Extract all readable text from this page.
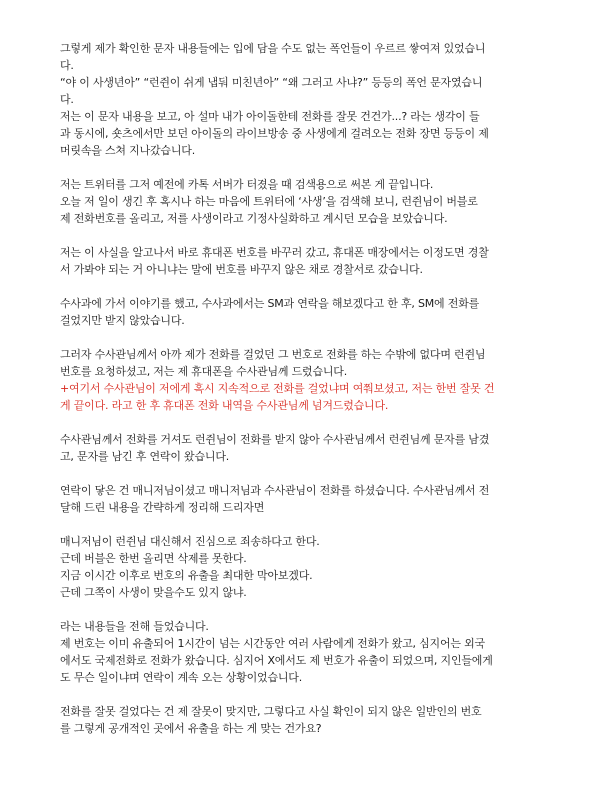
그렇게 제가 확인한 문자 내용들에는 입에 담을 수도 없는 폭언들이 우르르 쌓여져 있었습니
다.
“야 이 사생년아” “런쥔이 쉬게 냅둬 미친년아” “왜 그러고 사냐?” 등등의 폭언 문자였습니
다.
저는 이 문자 내용을 보고, 아 설마 내가 아이돌한테 전화를 잘못 건건가...? 라는 생각이 들
과 동시에, 숏츠에서만 보던 아이돌의 라이브방송 중 사생에게 걸려오는 전화 장면 등등이 제
머릿속을 스쳐 지나갔습니다.
저는 트위터를 그저 예전에 카톡 서버가 터졌을 때 검색용으로 써본 게 끝입니다.
오늘 저 일이 생긴 후 혹시나 하는 마음에 트위터에 ‘사생’을 검색해 보니, 런쥔님이 버블로
제 전화번호를 올리고, 저를 사생이라고 기정사실화하고 계시던 모습을 보았습니다.
저는 이 사실을 알고나서 바로 휴대폰 번호를 바꾸러 갔고, 휴대폰 매장에서는 이정도면 경찰
서 가봐야 되는 거 아니냐는 말에 번호를 바꾸지 않은 채로 경찰서로 갔습니다.
수사과에 가서 이야기를 했고, 수사과에서는 SM과 연락을 해보겠다고 한 후, SM에 전화를
걸었지만 받지 않았습니다.
그러자 수사관님께서 아까 제가 전화를 걸었던 그 번호로 전화를 하는 수밖에 없다며 런쥔님
번호를 요청하셨고, 저는 제 휴대폰을 수사관님께 드렸습니다.
+여기서 수사관님이 저에게 혹시 지속적으로 전화를 걸었냐며 여쭤보셨고, 저는 한번 잘못 건
게 끝이다. 라고 한 후 휴대폰 전화 내역을 수사관님께 넘겨드렸습니다.
수사관님께서 전화를 거셔도 런쥔님이 전화를 받지 않아 수사관님께서 런쥔님께 문자를 남겼
고, 문자를 남긴 후 연락이 왔습니다.
연락이 닿은 건 매니저님이셨고 매니저님과 수사관님이 전화를 하셨습니다. 수사관님께서 전
달해 드린 내용을 간략하게 정리해 드리자면
매니저님이 런쥔님 대신해서 진심으로 죄송하다고 한다.
근데 버블은 한번 올리면 삭제를 못한다.
지금 이시간 이후로 번호의 유출을 최대한 막아보겠다.
근데 그쪽이 사생이 맞을수도 있지 않냐.
라는 내용들을 전해 들었습니다.
제 번호는 이미 유출되어 1시간이 넘는 시간동안 여러 사람에게 전화가 왔고, 심지어는 외국
에서도 국제전화로 전화가 왔습니다. 심지어 X에서도 제 번호가 유출이 되었으며, 지인들에게
도 무슨 일이냐며 연락이 계속 오는 상황이었습니다.
전화를 잘못 걸었다는 건 제 잘못이 맞지만, 그렇다고 사실 확인이 되지 않은 일반인의 번호
를 그렇게 공개적인 곳에서 유출을 하는 게 맞는 건가요?
